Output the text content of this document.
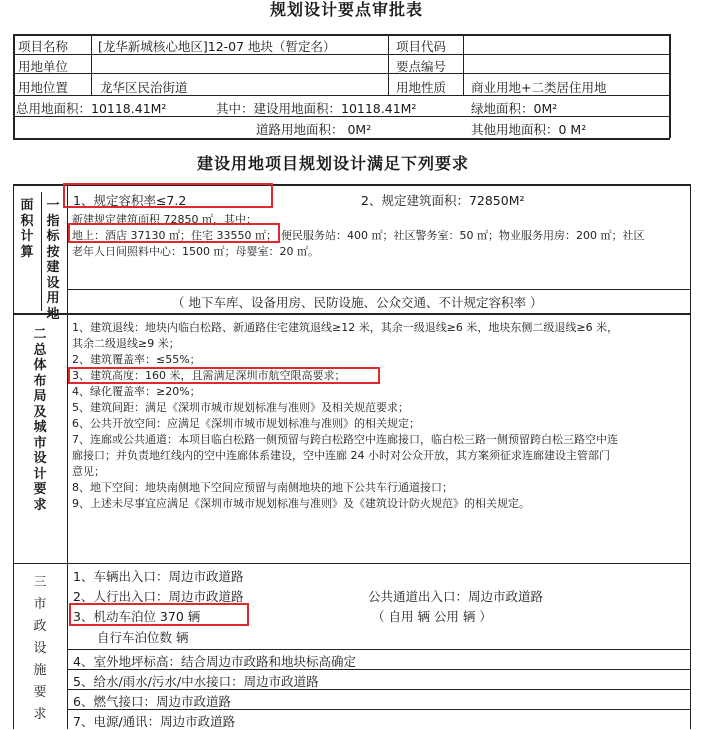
规划设计要点审批表
项目名称 [龙华新城核心地区]12-07 地块（暂定名）	项目代码
用地单位	要点编号
用地位置	龙华区民治街道	用地性质 商业用地+二类居住用地
总用地面积：10118.41M²	其中：建设用地面积：10118.41M²	绿地面积：0M²
道路用地面积： 0M²	其他用地面积：0 M²
建设用地项目规划设计满足下列要求
面积计算
一指标按建设用地
1、规定容积率≤7.2	2、规定建筑面积：72850M²
新建规定建筑面积 72850 ㎡，其中：
地上：酒店 37130 ㎡；住宅 33550 ㎡； 便民服务站：400 ㎡；社区警务室：50 ㎡；物业服务用房：200 ㎡；社区
老年人日间照料中心：1500 ㎡；母婴室：20 ㎡。
（ 地下车库、设备用房、民防设施、公众交通、不计规定容积率 ）
二总体布局及城市设计要求
1、建筑退线：地块内临白松路、新通路住宅建筑退线≥12 米，其余一级退线≥6 米，地块东侧二级退线≥6 米，
其余二级退线≥9 米；
2、建筑覆盖率：≤55%；
3、建筑高度：160 米，且需满足深圳市航空限高要求；
4、绿化覆盖率：≥20%；
5、建筑间距：满足《深圳市城市规划标准与准则》及相关规范要求；
6、公共开放空间：应满足《深圳市城市规划标准与准则》的相关规定；
7、连廊或公共通道：本项目临白松路一侧预留与跨白松路空中连廊接口，临白松三路一侧预留跨白松三路空中连
廊接口；并负责地红线内的空中连廊体系建设，空中连廊 24 小时对公众开放，其方案须征求连廊建设主管部门
意见；
8、地下空间：地块南侧地下空间应预留与南侧地块的地下公共车行通道接口；
9、上述未尽事宜应满足《深圳市城市规划标准与准则》及《建筑设计防火规范》的相关规定。
三市政设施要求
1、车辆出入口：周边市政道路
2、人行出入口：周边市政道路	公共通道出入口：周边市政道路
3、机动车泊位 370 辆	（ 自用 辆 公用 辆 ）
自行车泊位数 辆
4、室外地坪标高：结合周边市政路和地块标高确定
5、给水/雨水/污水/中水接口：周边市政道路
6、燃气接口：周边市政道路
7、电源/通讯：周边市政道路
